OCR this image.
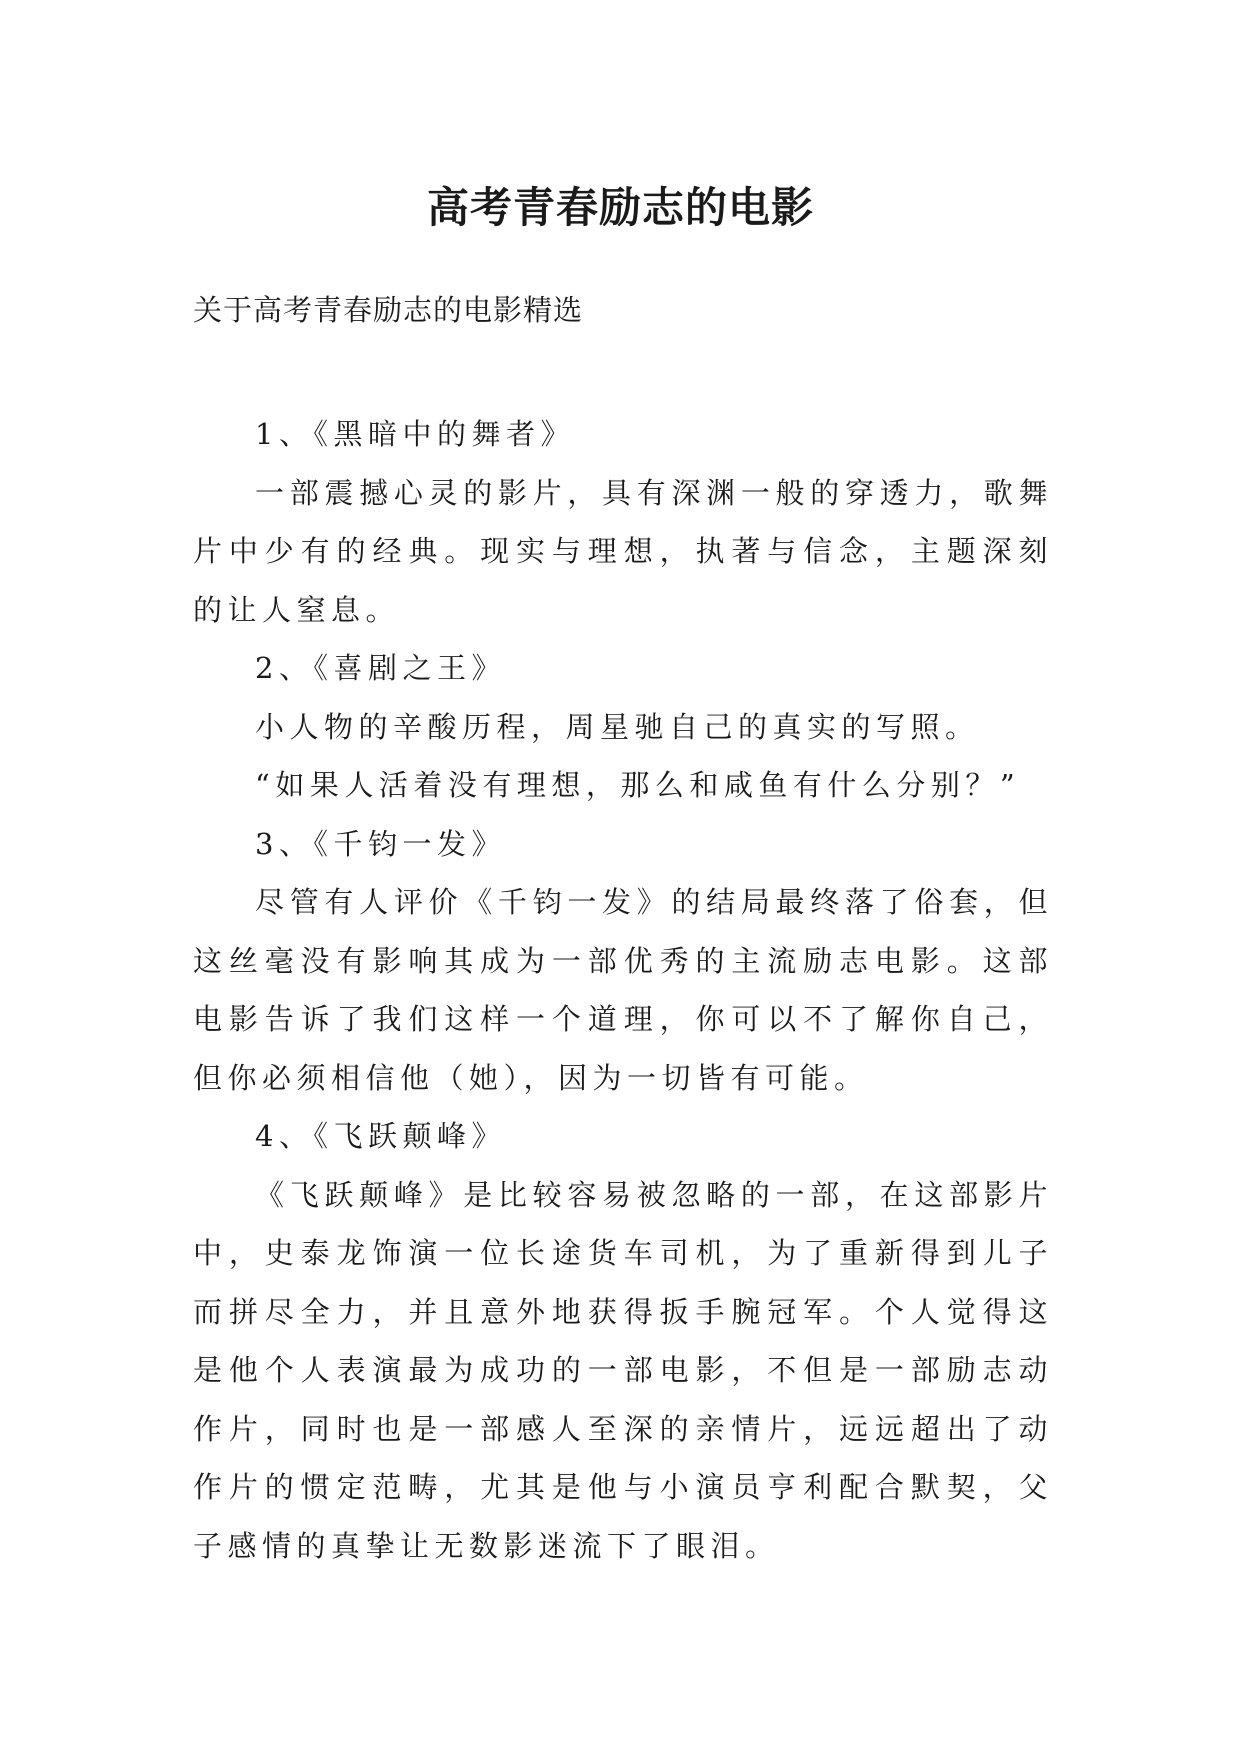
高考青春励志的电影
关于高考青春励志的电影精选

1、《黑暗中的舞者》

一部震撼心灵的影片，具有深渊一般的穿透力，歌舞片中少有的经典。现实与理想，执著与信念，主题深刻的让人窒息。

2、《喜剧之王》

小人物的辛酸历程，周星驰自己的真实的写照。

“如果人活着没有理想，那么和咸鱼有什么分别？”

3、《千钧一发》

尽管有人评价《千钧一发》的结局最终落了俗套，但这丝毫没有影响其成为一部优秀的主流励志电影。这部电影告诉了我们这样一个道理，你可以不了解你自己，但你必须相信他（她），因为一切皆有可能。

4、《飞跃颠峰》

《飞跃颠峰》是比较容易被忽略的一部，在这部影片中，史泰龙饰演一位长途货车司机，为了重新得到儿子而拼尽全力，并且意外地获得扳手腕冠军。个人觉得这是他个人表演最为成功的一部电影，不但是一部励志动作片，同时也是一部感人至深的亲情片，远远超出了动作片的惯定范畴，尤其是他与小演员亨利配合默契，父子感情的真挚让无数影迷流下了眼泪。
